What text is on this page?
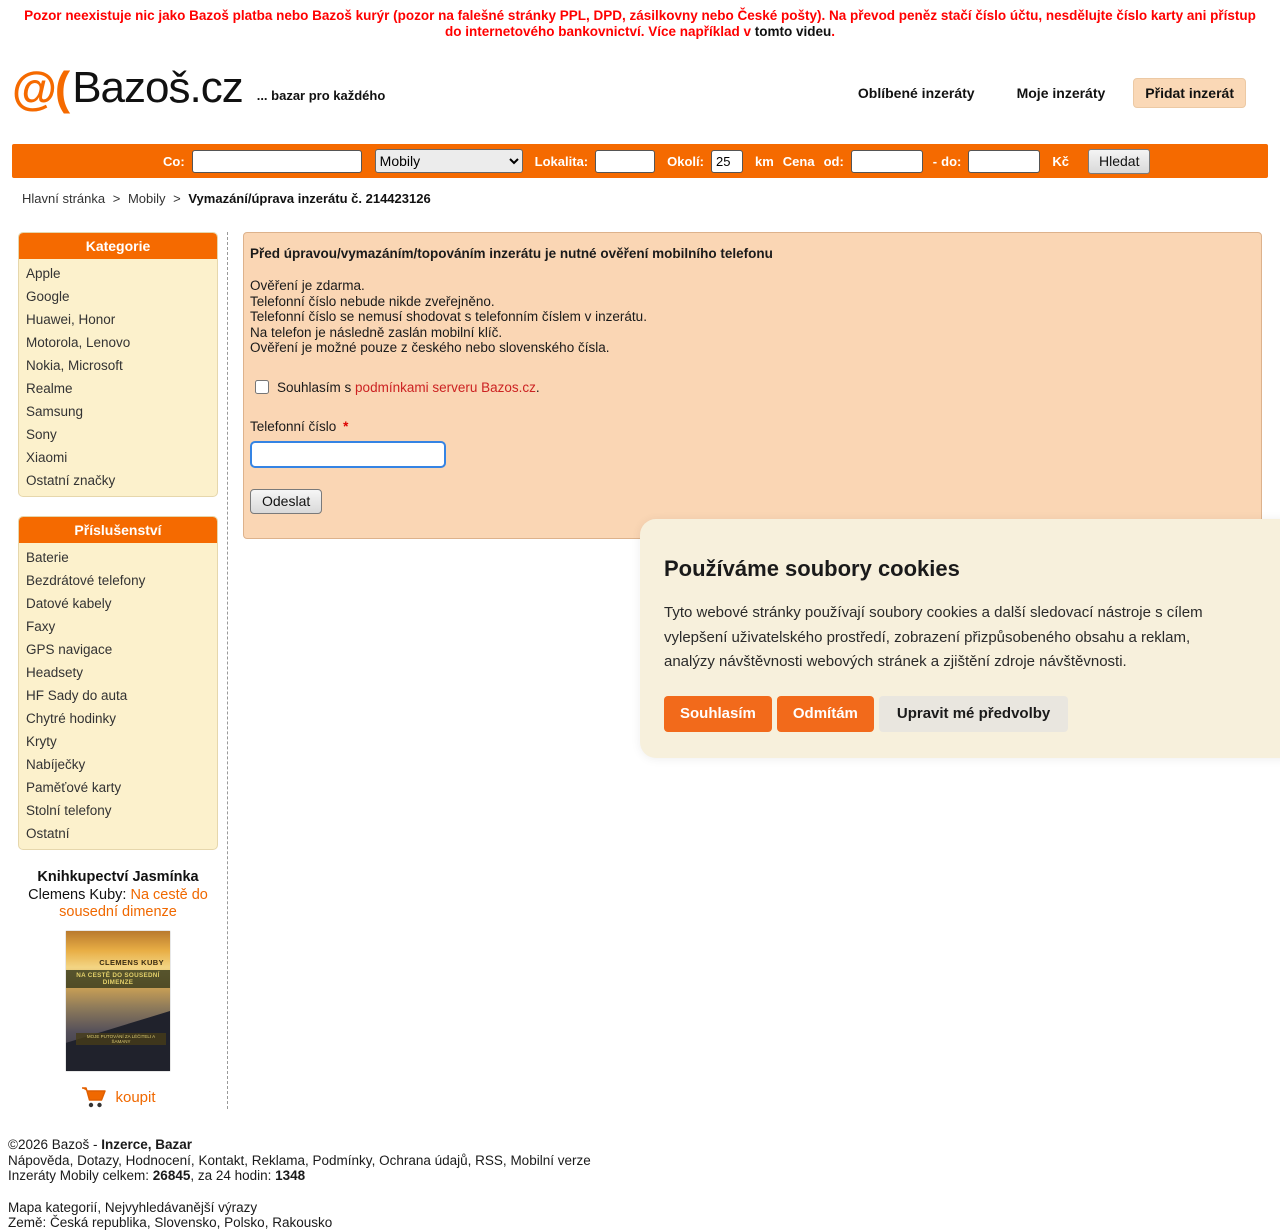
Pozor neexistuje nic jako Bazoš platba nebo Bazoš kurýr (pozor na falešné stránky PPL, DPD, zásilkovny nebo České pošty). Na převod peněz stačí číslo účtu, nesdělujte číslo karty ani přístup do internetového bankovnictví. Více například v tomto videu.
@( Bazoš.cz ... bazar pro každého	Oblíbené inzeráty	Moje inzeráty	Přidat inzerát
Co:
Mobily	Lokalita:	Okolí:
25	km Cena od:	- do:	Kč	Hledat
Hlavní stránka > Mobily > Vymazání/úprava inzerátu č. 214423126
Kategorie
Apple
Google
Huawei, Honor
Motorola, Lenovo
Nokia, Microsoft
Realme
Samsung
Sony
Xiaomi
Ostatní značky
Příslušenství
Baterie
Bezdrátové telefony
Datové kabely
Faxy
GPS navigace
Headsety
HF Sady do auta
Chytré hodinky
Kryty
Nabíječky
Paměťové karty
Stolní telefony
Ostatní
Knihkupectví Jasmínka
Clemens Kuby: Na cestě do sousední dimenze
CLEMENS KUBY
NA CESTĚ DO SOUSEDNÍ DIMENZE
MOJE PUTOVÁNÍ ZA LÉČITELI A ŠAMANY
koupit
Před úpravou/vymazáním/topováním inzerátu je nutné ověření mobilního telefonu
Ověření je zdarma.
Telefonní číslo nebude nikde zveřejněno.
Telefonní číslo se nemusí shodovat s telefonním číslem v inzerátu.
Na telefon je následně zaslán mobilní klíč.
Ověření je možné pouze z českého nebo slovenského čísla.
Souhlasím s podmínkami serveru Bazos.cz.
Telefonní číslo *
Odeslat
Používáme soubory cookies
Tyto webové stránky používají soubory cookies a další sledovací nástroje s cílem vylepšení uživatelského prostředí, zobrazení přizpůsobeného obsahu a reklam, analýzy návštěvnosti webových stránek a zjištění zdroje návštěvnosti.
Souhlasím	Odmítám	Upravit mé předvolby
©2026 Bazoš - Inzerce, Bazar
Nápověda , Dotazy , Hodnocení , Kontakt , Reklama , Podmínky , Ochrana údajů , RSS , Mobilní verze
Inzeráty Mobily celkem: 26845, za 24 hodin: 1348
Mapa kategorií , Nejvyhledávanější výrazy
Země: Česká republika , Slovensko , Polsko , Rakousko
